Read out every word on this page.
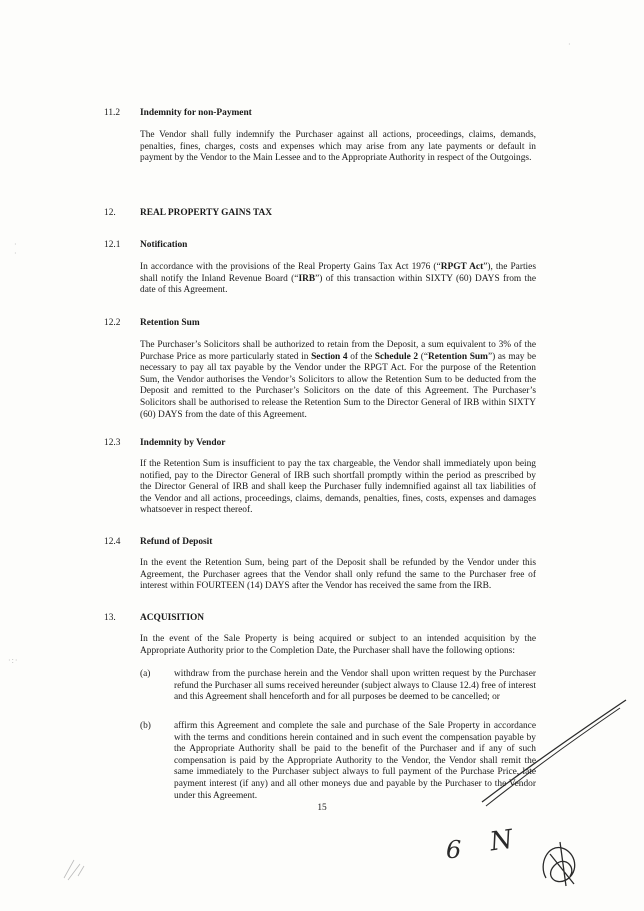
11.2 Indemnity for non-Payment
The Vendor shall fully indemnify the Purchaser against all actions, proceedings, claims, demands, penalties, fines, charges, costs and expenses which may arise from any late payments or default in payment by the Vendor to the Main Lessee and to the Appropriate Authority in respect of the Outgoings.
12.	REAL PROPERTY GAINS TAX
12.1 Notification
In accordance with the provisions of the Real Property Gains Tax Act 1976 (“RPGT Act”), the Parties shall notify the Inland Revenue Board (“IRB”) of this transaction within SIXTY (60) DAYS from the date of this Agreement.
12.2 Retention Sum
The Purchaser’s Solicitors shall be authorized to retain from the Deposit, a sum equivalent to 3% of the Purchase Price as more particularly stated in Section 4 of the Schedule 2 (“Retention Sum”) as may be necessary to pay all tax payable by the Vendor under the RPGT Act. For the purpose of the Retention Sum, the Vendor authorises the Vendor’s Solicitors to allow the Retention Sum to be deducted from the Deposit and remitted to the Purchaser’s Solicitors on the date of this Agreement. The Purchaser’s Solicitors shall be authorised to release the Retention Sum to the Director General of IRB within SIXTY (60) DAYS from the date of this Agreement.
12.3 Indemnity by Vendor
If the Retention Sum is insufficient to pay the tax chargeable, the Vendor shall immediately upon being notified, pay to the Director General of IRB such shortfall promptly within the period as prescribed by the Director General of IRB and shall keep the Purchaser fully indemnified against all tax liabilities of the Vendor and all actions, proceedings, claims, demands, penalties, fines, costs, expenses and damages whatsoever in respect thereof.
12.4 Refund of Deposit
In the event the Retention Sum, being part of the Deposit shall be refunded by the Vendor under this Agreement, the Purchaser agrees that the Vendor shall only refund the same to the Purchaser free of interest within FOURTEEN (14) DAYS after the Vendor has received the same from the IRB.
13.	ACQUISITION
In the event of the Sale Property is being acquired or subject to an intended acquisition by the Appropriate Authority prior to the Completion Date, the Purchaser shall have the following options:
(a)	withdraw from the purchase herein and the Vendor shall upon written request by the Purchaser refund the Purchaser all sums received hereunder (subject always to Clause 12.4) free of interest and this Agreement shall henceforth and for all purposes be deemed to be cancelled; or
(b) affirm this Agreement and complete the sale and purchase of the Sale Property in accordance with the terms and conditions herein contained and in such event the compensation payable by the Appropriate Authority shall be paid to the benefit of the Purchaser and if any of such compensation is paid by the Appropriate Authority to the Vendor, the Vendor shall remit the same immediately to the Purchaser subject always to full payment of the Purchase Price, late payment interest (if any) and all other moneys due and payable by the Purchaser to the Vendor under this Agreement.
15
·
·
·:·
·
6 N
